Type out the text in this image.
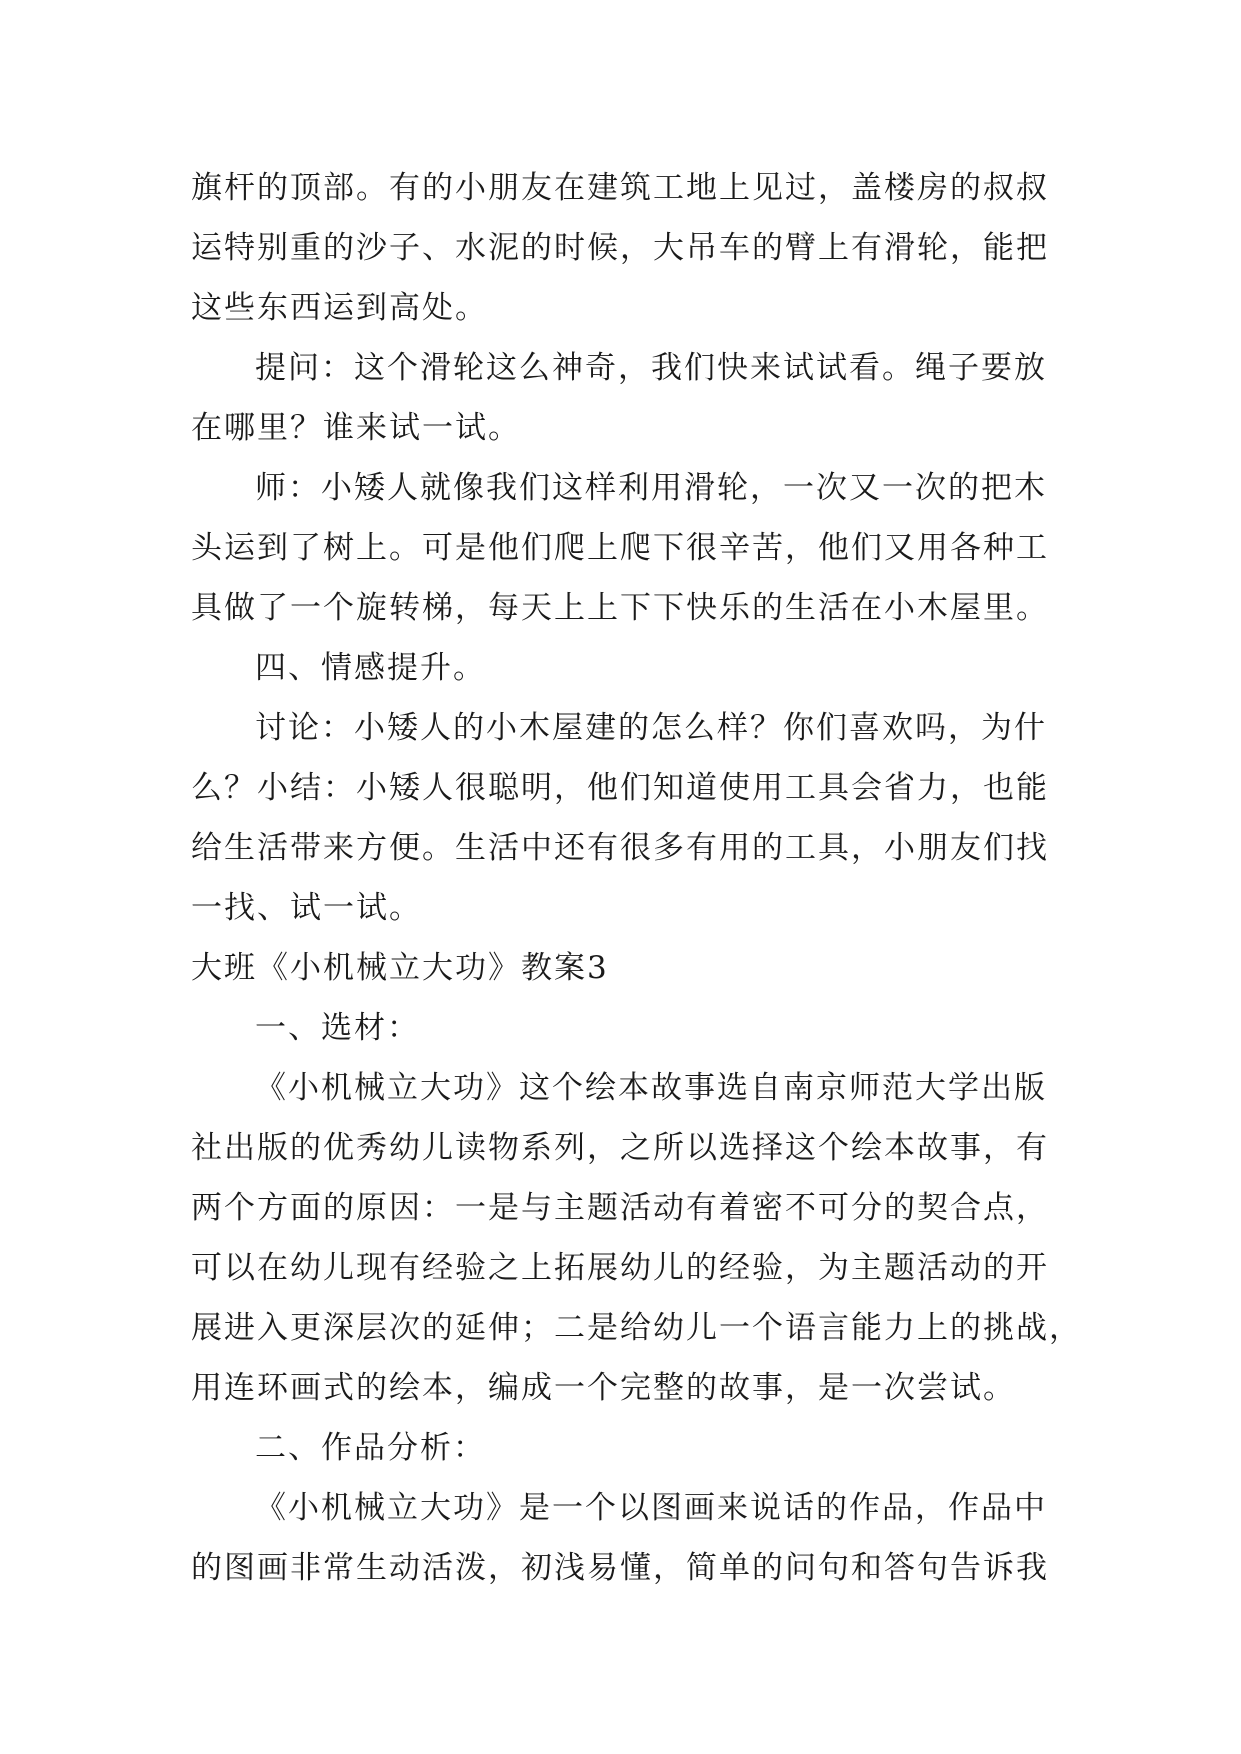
旗杆的顶部。有的小朋友在建筑工地上见过，盖楼房的叔叔
运特别重的沙子、水泥的时候，大吊车的臂上有滑轮，能把
这些东西运到高处。
提问：这个滑轮这么神奇，我们快来试试看。绳子要放
在哪里？谁来试一试。
师：小矮人就像我们这样利用滑轮，一次又一次的把木
头运到了树上。可是他们爬上爬下很辛苦，他们又用各种工
具做了一个旋转梯，每天上上下下快乐的生活在小木屋里。
四、情感提升。
讨论：小矮人的小木屋建的怎么样？你们喜欢吗，为什
么？小结：小矮人很聪明，他们知道使用工具会省力，也能
给生活带来方便。生活中还有很多有用的工具，小朋友们找
一找、试一试。
大班《小机械立大功》教案3
一、选材：
《小机械立大功》这个绘本故事选自南京师范大学出版
社出版的优秀幼儿读物系列，之所以选择这个绘本故事，有
两个方面的原因：一是与主题活动有着密不可分的契合点，
可以在幼儿现有经验之上拓展幼儿的经验，为主题活动的开
展进入更深层次的延伸；二是给幼儿一个语言能力上的挑战，
用连环画式的绘本，编成一个完整的故事，是一次尝试。
二、作品分析：
《小机械立大功》是一个以图画来说话的作品，作品中
的图画非常生动活泼，初浅易懂，简单的问句和答句告诉我
